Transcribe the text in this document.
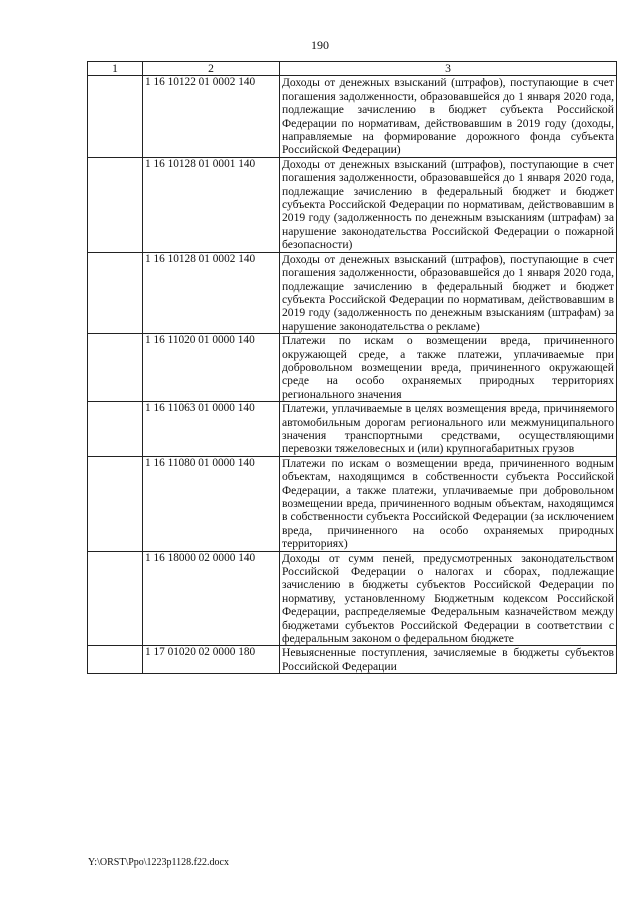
190
1	2	3
	1 16 10122 01 0002 140	Доходы от денежных взысканий (штрафов), поступающие в счет погашения задолженности, образовавшейся до 1 января 2020 года, подлежащие зачислению в бюджет субъекта Российской Федерации по нормативам, действовавшим в 2019 году (доходы, направляемые на формирование дорожного фонда субъекта Российской Федерации)
	1 16 10128 01 0001 140	Доходы от денежных взысканий (штрафов), поступающие в счет погашения задолженности, образовавшейся до 1 января 2020 года, подлежащие зачислению в федеральный бюджет и бюджет субъекта Российской Федерации по нормативам, действовавшим в 2019 году (задолженность по денежным взысканиям (штрафам) за нарушение законодательства Российской Федерации о пожарной безопасности)
	1 16 10128 01 0002 140	Доходы от денежных взысканий (штрафов), поступающие в счет погашения задолженности, образовавшейся до 1 января 2020 года, подлежащие зачислению в федеральный бюджет и бюджет субъекта Российской Федерации по нормативам, действовавшим в 2019 году (задолженность по денежным взысканиям (штрафам) за нарушение законодательства о рекламе)
	1 16 11020 01 0000 140	Платежи по искам о возмещении вреда, причиненного окружающей среде, а также платежи, уплачиваемые при добровольном возмещении вреда, причиненного окружающей среде на особо охраняемых природных территориях регионального значения
	1 16 11063 01 0000 140	Платежи, уплачиваемые в целях возмещения вреда, причиняемого автомобильным дорогам регионального или межмуниципального значения транспортными средствами, осуществляющими перевозки тяжеловесных и (или) крупногабаритных грузов
	1 16 11080 01 0000 140	Платежи по искам о возмещении вреда, причиненного водным объектам, находящимся в собственности субъекта Российской Федерации, а также платежи, уплачиваемые при добровольном возмещении вреда, причиненного водным объектам, находящимся в собственности субъекта Российской Федерации (за исключением вреда, причиненного на особо охраняемых природных территориях)
	1 16 18000 02 0000 140	Доходы от сумм пеней, предусмотренных законодательством Российской Федерации о налогах и сборах, подлежащие зачислению в бюджеты субъектов Российской Федерации по нормативу, установленному Бюджетным кодексом Российской Федерации, распределяемые Федеральным казначейством между бюджетами субъектов Российской Федерации в соответствии с федеральным законом о федеральном бюджете
	1 17 01020 02 0000 180	Невыясненные поступления, зачисляемые в бюджеты субъектов Российской Федерации
Y:\ORST\Ppo\1223p1128.f22.docx
